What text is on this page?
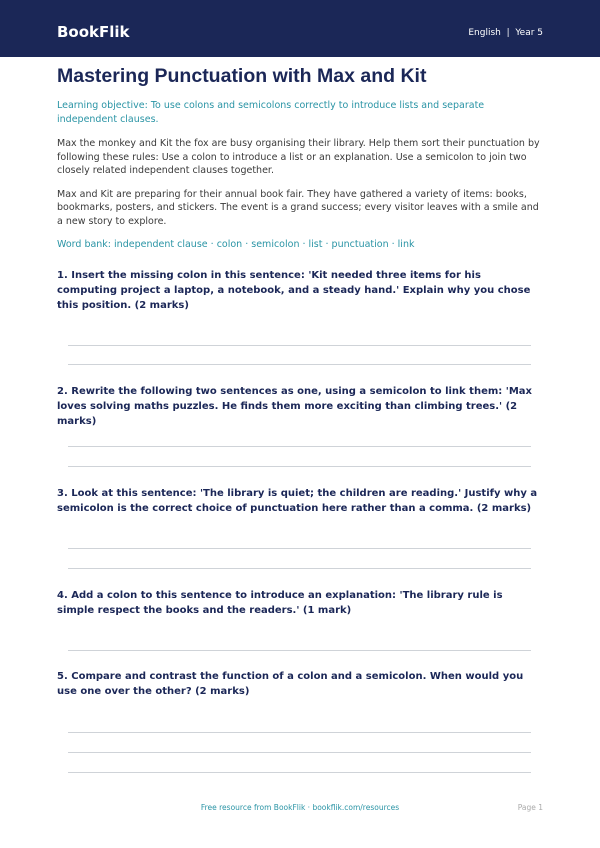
BookFlik	English  |  Year 5
Mastering Punctuation with Max and Kit

Learning objective: To use colons and semicolons correctly to introduce lists and separate independent clauses.

Max the monkey and Kit the fox are busy organising their library. Help them sort their punctuation by following these rules: Use a colon to introduce a list or an explanation. Use a semicolon to join two closely related independent clauses together.

Max and Kit are preparing for their annual book fair. They have gathered a variety of items: books, bookmarks, posters, and stickers. The event is a grand success; every visitor leaves with a smile and a new story to explore.

Word bank: independent clause · colon · semicolon · list · punctuation · link

1. Insert the missing colon in this sentence: 'Kit needed three items for his computing project a laptop, a notebook, and a steady hand.' Explain why you chose this position. (2 marks)

2. Rewrite the following two sentences as one, using a semicolon to link them: 'Max loves solving maths puzzles. He finds them more exciting than climbing trees.' (2 marks)

3. Look at this sentence: 'The library is quiet; the children are reading.' Justify why a semicolon is the correct choice of punctuation here rather than a comma. (2 marks)

4. Add a colon to this sentence to introduce an explanation: 'The library rule is simple respect the books and the readers.' (1 mark)

5. Compare and contrast the function of a colon and a semicolon. When would you use one over the other? (2 marks)

Free resource from BookFlik · bookflik.com/resources	Page 1
